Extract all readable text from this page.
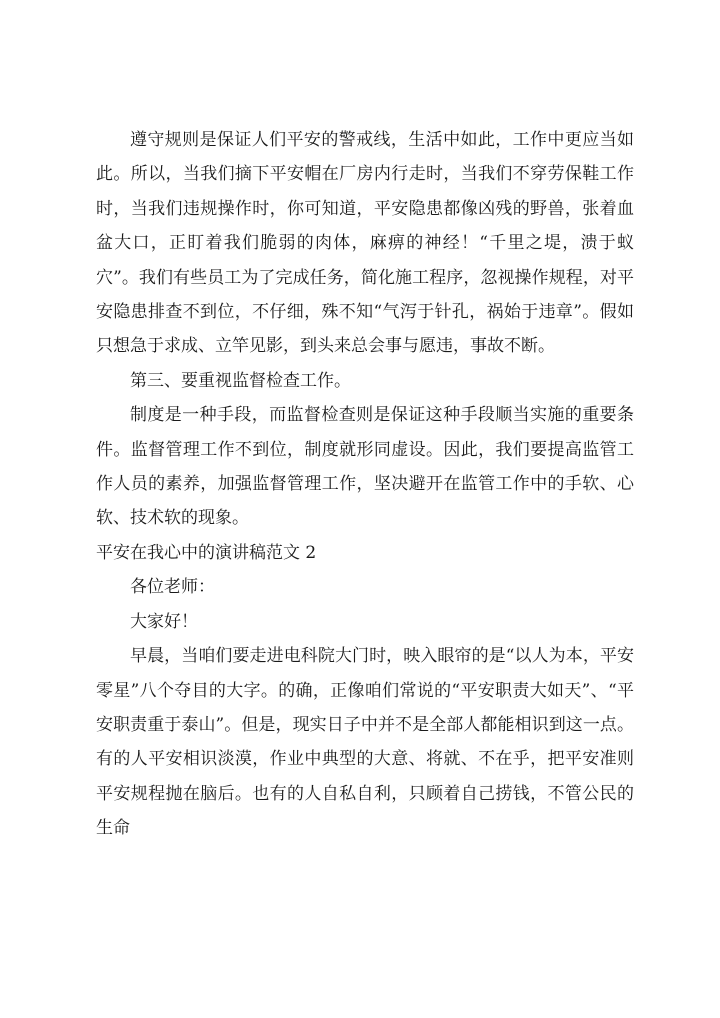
遵守规则是保证人们平安的警戒线，生活中如此，工作中更应当如此。所以，当我们摘下平安帽在厂房内行走时，当我们不穿劳保鞋工作时，当我们违规操作时，你可知道，平安隐患都像凶残的野兽，张着血盆大口，正盯着我们脆弱的肉体，麻痹的神经！“千里之堤，溃于蚁穴”。我们有些员工为了完成任务，简化施工程序，忽视操作规程，对平安隐患排查不到位，不仔细，殊不知“气泻于针孔，祸始于违章”。假如只想急于求成、立竿见影，到头来总会事与愿违，事故不断。

第三、要重视监督检查工作。

制度是一种手段，而监督检查则是保证这种手段顺当实施的重要条件。监督管理工作不到位，制度就形同虚设。因此，我们要提高监管工作人员的素养，加强监督管理工作，坚决避开在监管工作中的手软、心软、技术软的现象。

平安在我心中的演讲稿范文 2

各位老师：

大家好！

早晨，当咱们要走进电科院大门时，映入眼帘的是“以人为本，平安零星”八个夺目的大字。的确，正像咱们常说的“平安职责大如天”、“平安职责重于泰山”。但是，现实日子中并不是全部人都能相识到这一点。有的人平安相识淡漠，作业中典型的大意、将就、不在乎，把平安准则平安规程抛在脑后。也有的人自私自利，只顾着自己捞钱，不管公民的生命
